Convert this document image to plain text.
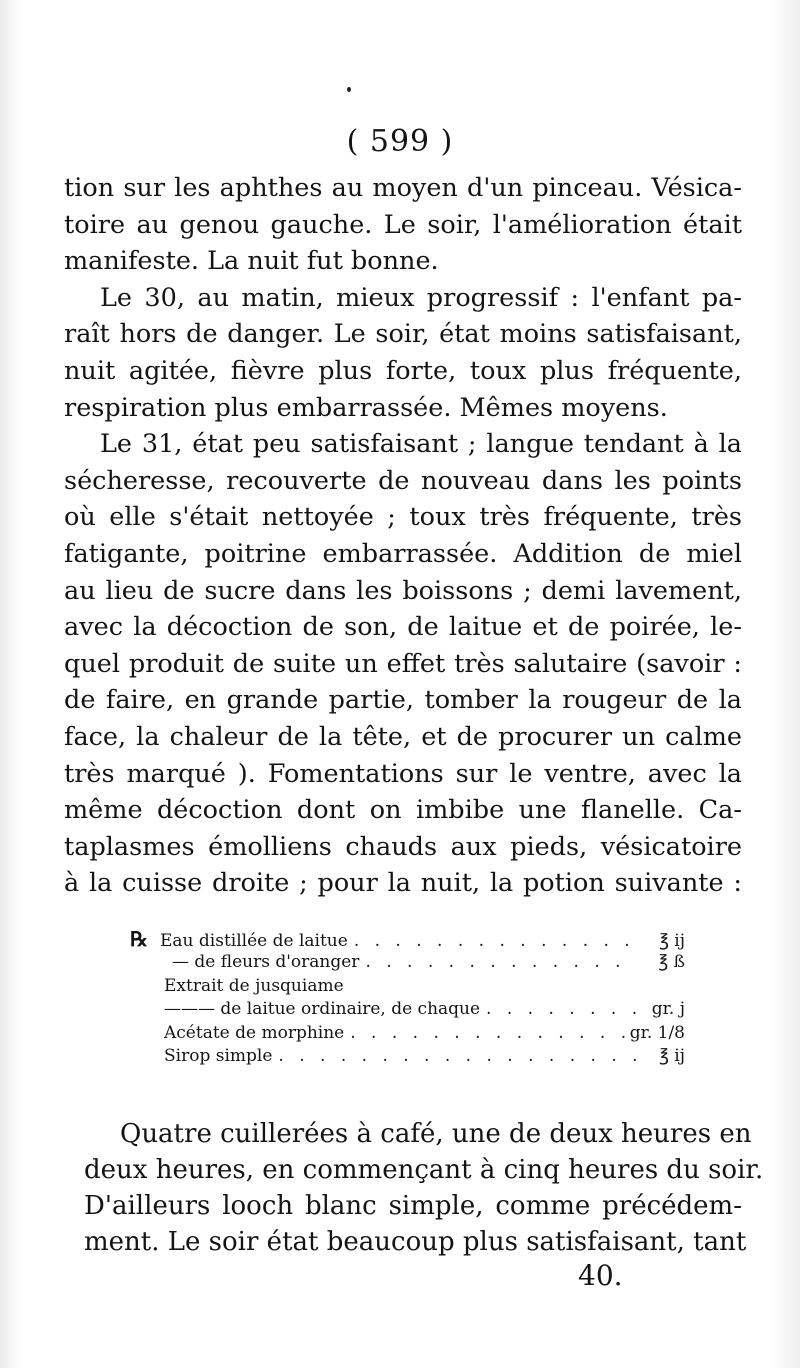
( 599 )
tion sur les aphthes au moyen d'un pinceau. Vésica-
toire au genou gauche. Le soir, l'amélioration était
manifeste. La nuit fut bonne.
Le 30, au matin, mieux progressif : l'enfant pa-
raît hors de danger. Le soir, état moins satisfaisant,
nuit agitée, fièvre plus forte, toux plus fréquente,
respiration plus embarrassée. Mêmes moyens.
Le 31, état peu satisfaisant ; langue tendant à la
sécheresse, recouverte de nouveau dans les points
où elle s'était nettoyée ; toux très fréquente, très
fatigante, poitrine embarrassée. Addition de miel
au lieu de sucre dans les boissons ; demi lavement,
avec la décoction de son, de laitue et de poirée, le-
quel produit de suite un effet très salutaire (savoir :
de faire, en grande partie, tomber la rougeur de la
face, la chaleur de la tête, et de procurer un calme
très marqué ). Fomentations sur le ventre, avec la
même décoction dont on imbibe une flanelle. Ca-
taplasmes émolliens chauds aux pieds, vésicatoire
à la cuisse droite ; pour la nuit, la potion suivante :
℞ Eau distillée de laitue . . .	℥ ij
— de fleurs d'oranger . . .	℥ ß
Extrait de jusquiame
——— de laitue ordinaire, de chaque . . .	gr. j
Acétate de morphine . . .	gr. 1/8
Sirop simple . . .	℥ ij
Quatre cuillerées à café, une de deux heures en
deux heures, en commençant à cinq heures du soir.
D'ailleurs looch blanc simple, comme précédem-
ment. Le soir état beaucoup plus satisfaisant, tant
40.
